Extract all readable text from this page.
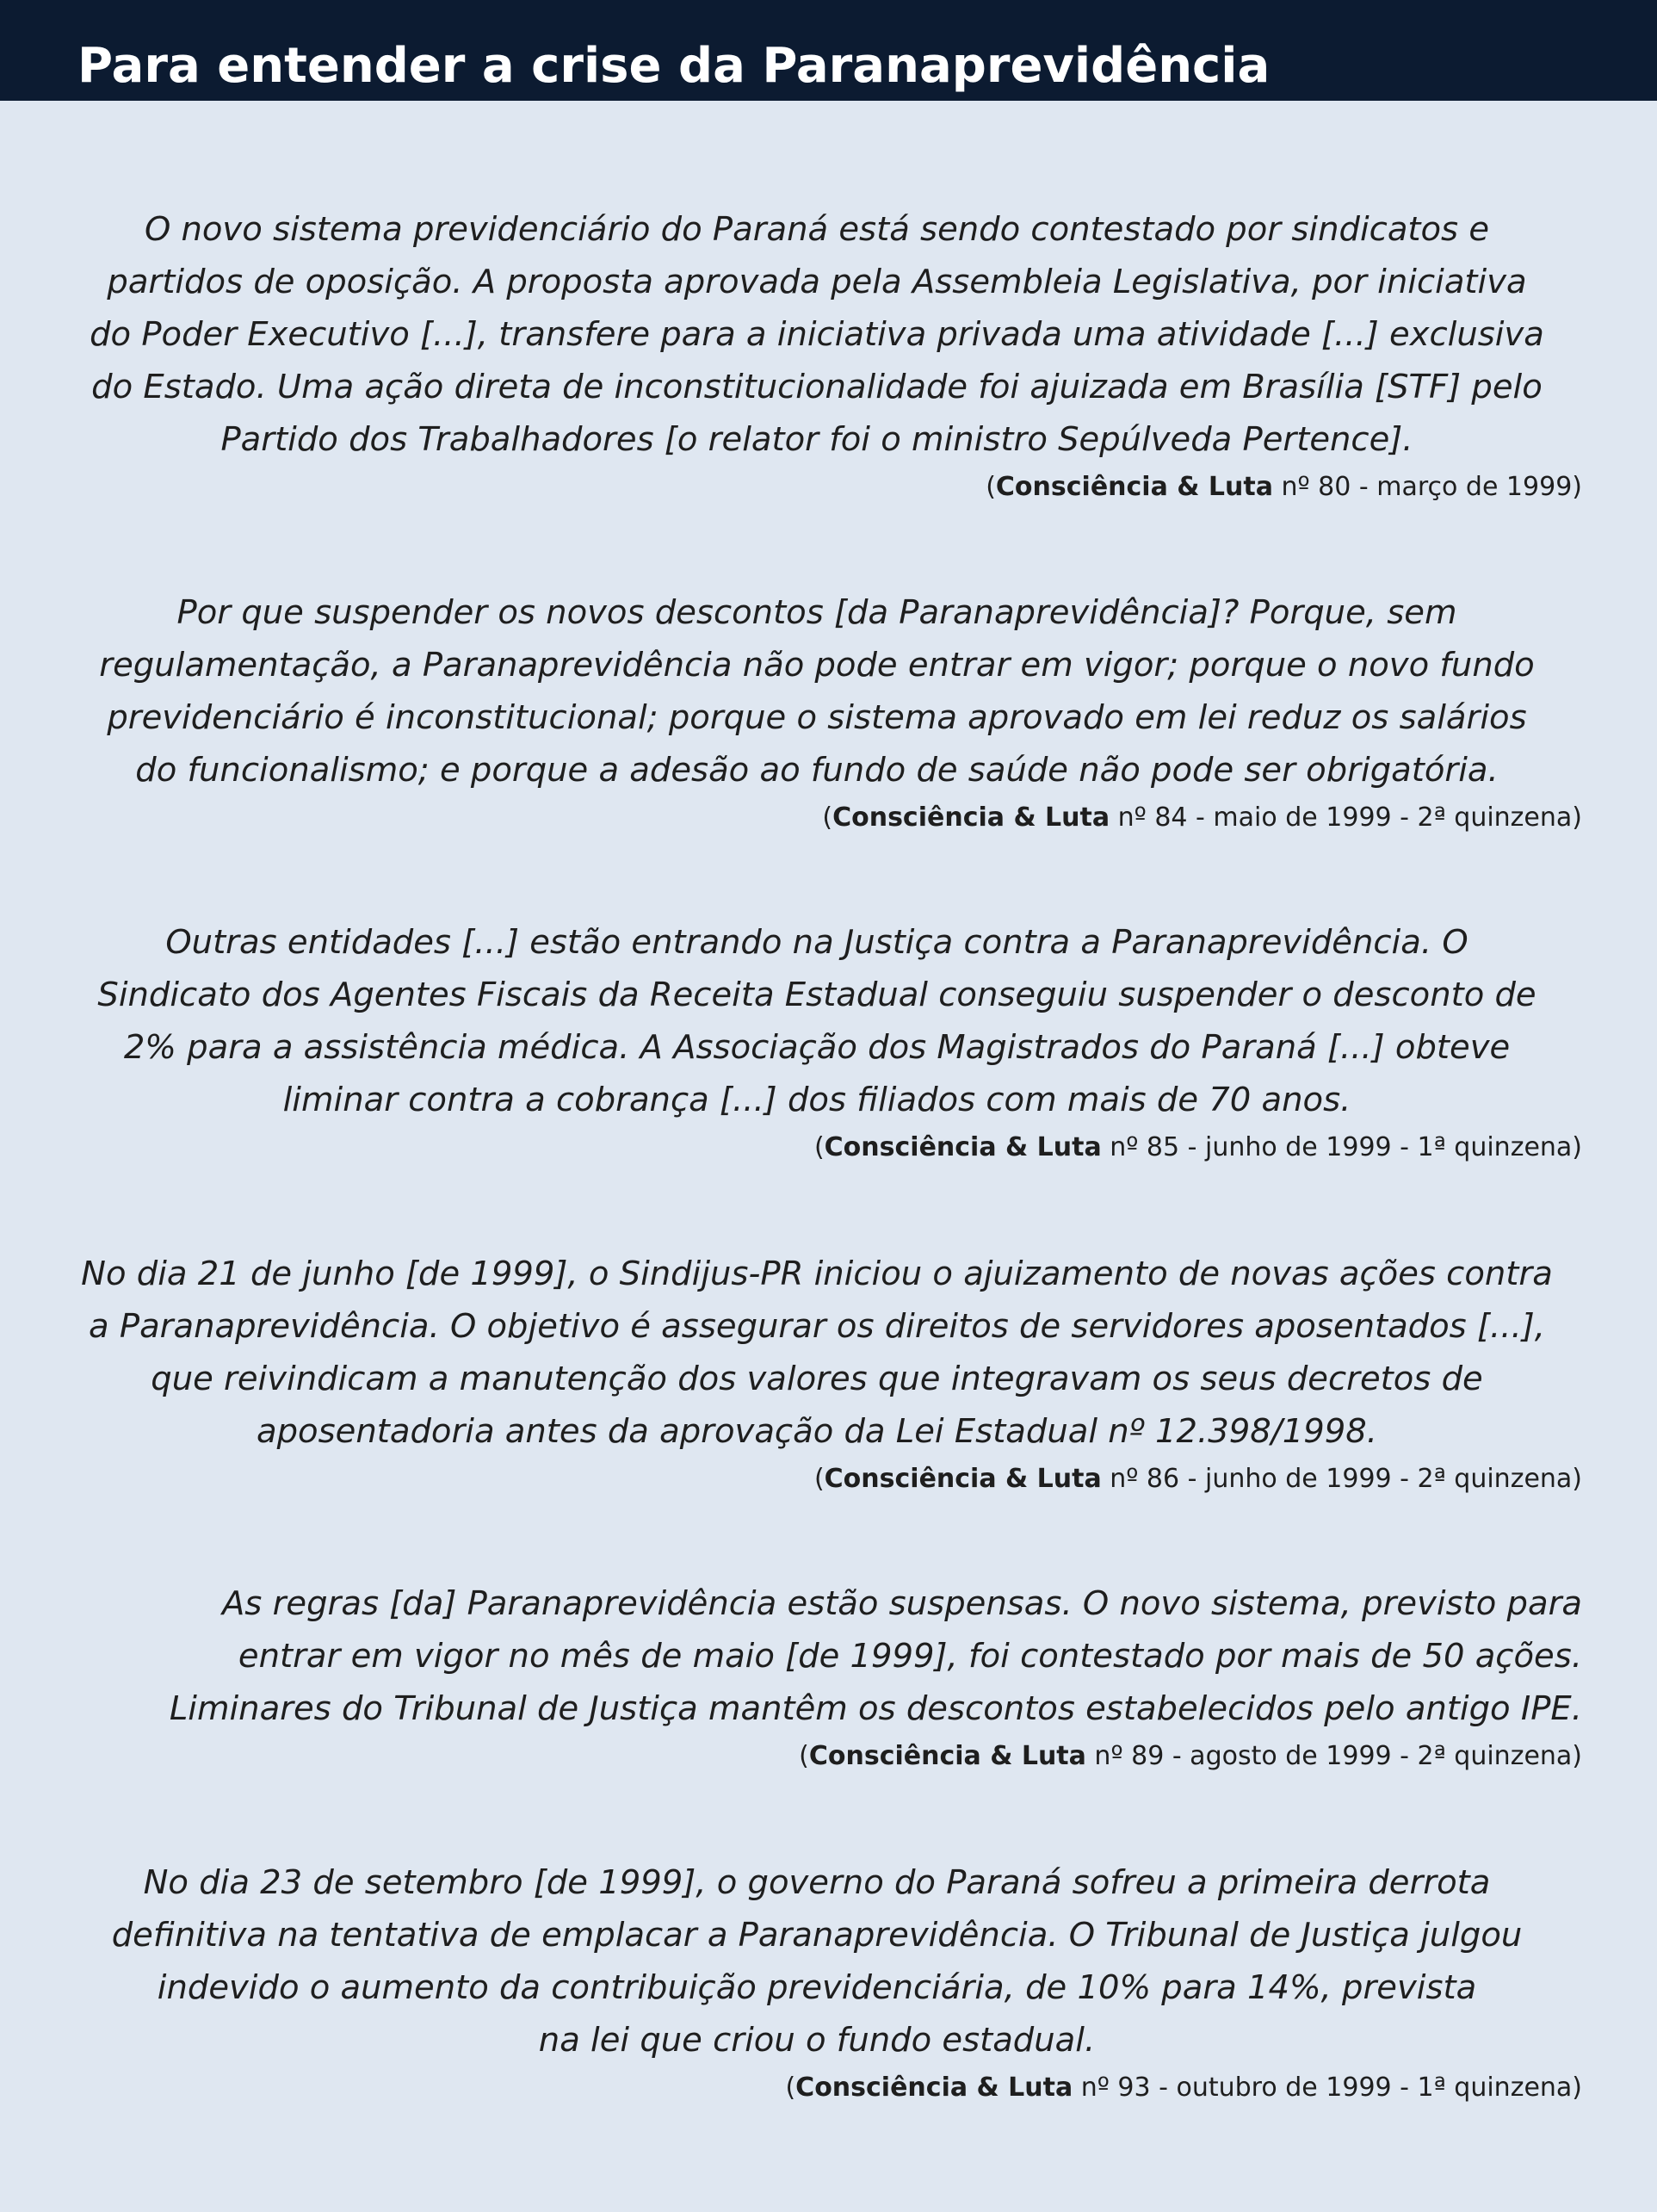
Para entender a crise da Paranaprevidência

O novo sistema previdenciário do Paraná está sendo contestado por sindicatos e
partidos de oposição. A proposta aprovada pela Assembleia Legislativa, por iniciativa
do Poder Executivo [...], transfere para a iniciativa privada uma atividade [...] exclusiva
do Estado. Uma ação direta de inconstitucionalidade foi ajuizada em Brasília [STF] pelo
Partido dos Trabalhadores [o relator foi o ministro Sepúlveda Pertence].

(Consciência & Luta nº 80 - março de 1999)

Por que suspender os novos descontos [da Paranaprevidência]? Porque, sem
regulamentação, a Paranaprevidência não pode entrar em vigor; porque o novo fundo
previdenciário é inconstitucional; porque o sistema aprovado em lei reduz os salários
do funcionalismo; e porque a adesão ao fundo de saúde não pode ser obrigatória.

(Consciência & Luta nº 84 - maio de 1999 - 2ª quinzena)

Outras entidades [...] estão entrando na Justiça contra a Paranaprevidência. O
Sindicato dos Agentes Fiscais da Receita Estadual conseguiu suspender o desconto de
2% para a assistência médica. A Associação dos Magistrados do Paraná [...] obteve
liminar contra a cobrança [...] dos filiados com mais de 70 anos.

(Consciência & Luta nº 85 - junho de 1999 - 1ª quinzena)

No dia 21 de junho [de 1999], o Sindijus-PR iniciou o ajuizamento de novas ações contra
a Paranaprevidência. O objetivo é assegurar os direitos de servidores aposentados [...],
que reivindicam a manutenção dos valores que integravam os seus decretos de
aposentadoria antes da aprovação da Lei Estadual nº 12.398/1998.

(Consciência & Luta nº 86 - junho de 1999 - 2ª quinzena)

As regras [da] Paranaprevidência estão suspensas. O novo sistema, previsto para
entrar em vigor no mês de maio [de 1999], foi contestado por mais de 50 ações.
Liminares do Tribunal de Justiça mantêm os descontos estabelecidos pelo antigo IPE.

(Consciência & Luta nº 89 - agosto de 1999 - 2ª quinzena)

No dia 23 de setembro [de 1999], o governo do Paraná sofreu a primeira derrota
definitiva na tentativa de emplacar a Paranaprevidência. O Tribunal de Justiça julgou
indevido o aumento da contribuição previdenciária, de 10% para 14%, prevista
na lei que criou o fundo estadual.

(Consciência & Luta nº 93 - outubro de 1999 - 1ª quinzena)
